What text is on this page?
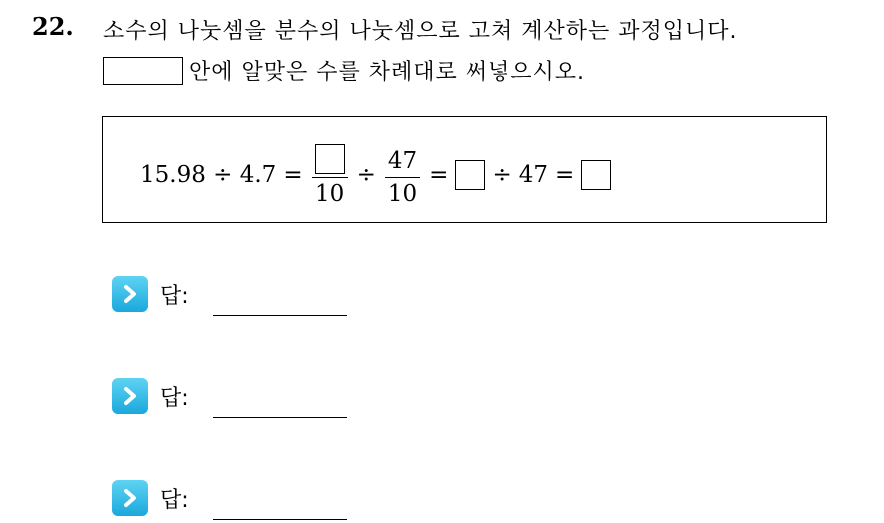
22. 소수의 나눗셈을 분수의 나눗셈으로 고쳐 계산하는 과정입니다.
안에 알맞은 수를 차례대로 써넣으시오.
15.98 ÷ 4.7 =
10
÷ $\frac{47}{10}$ = ÷ 47 =
답:
답:
답:
